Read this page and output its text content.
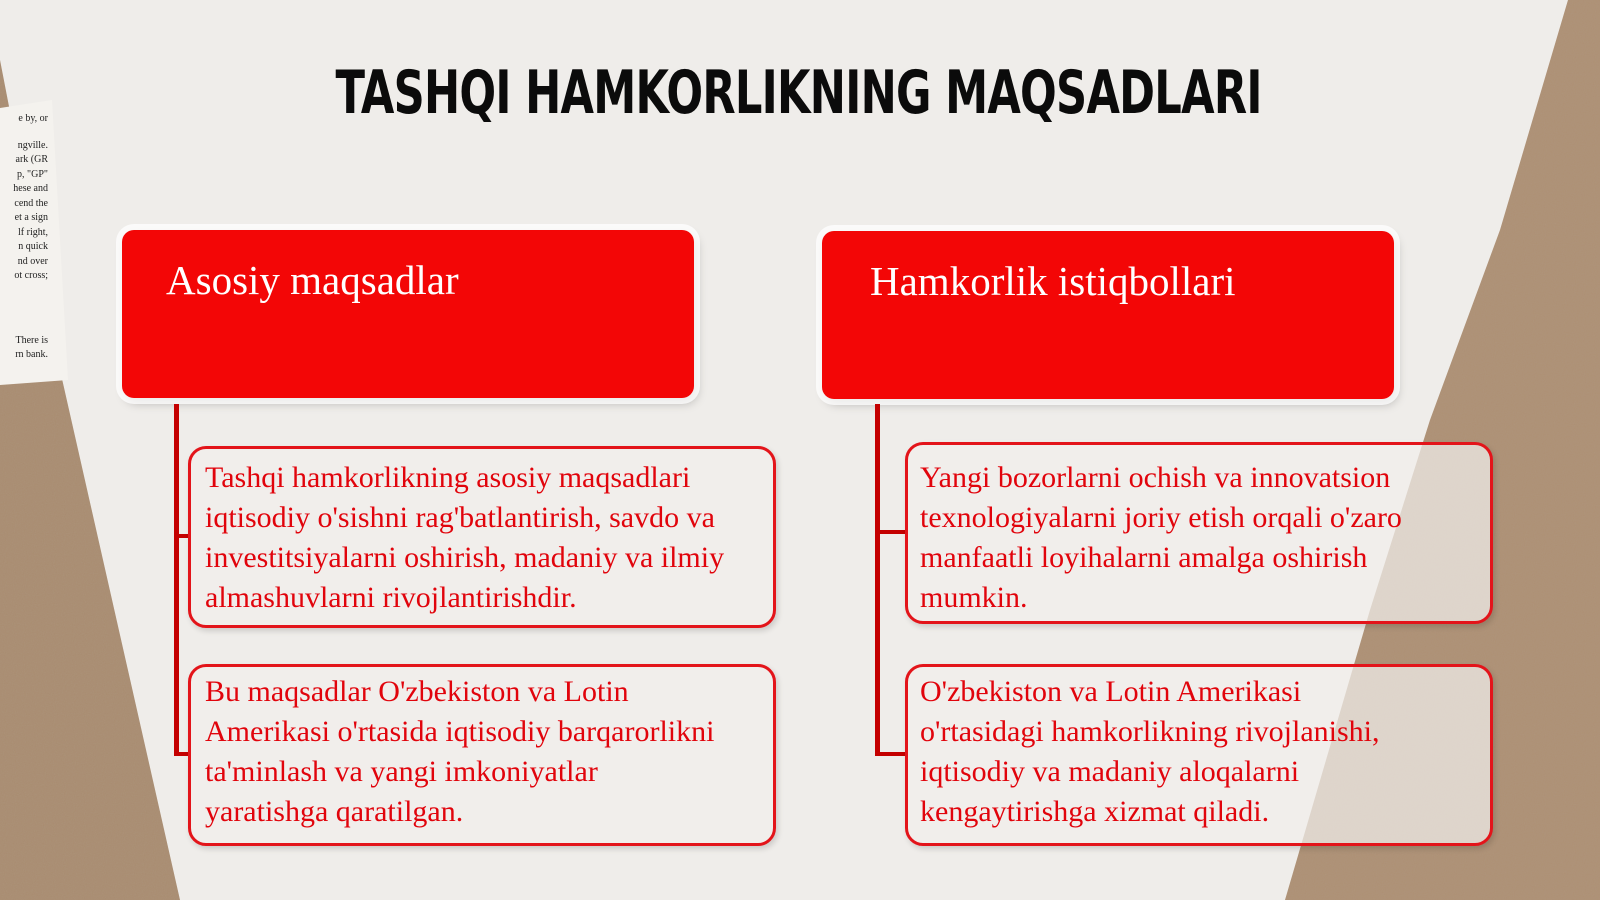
e by, or
ngville.
ark (GR
p, "GP"
hese and
cend the
et a sign
lf right,
n quick
nd over
ot cross;
There is
rn bank.
TASHQI HAMKORLIKNING MAQSADLARI
Asosiy maqsadlar
Tashqi hamkorlikning asosiy maqsadlari iqtisodiy o'sishni rag'batlantirish, savdo va investitsiyalarni oshirish, madaniy va ilmiy almashuvlarni rivojlantirishdir.
Bu maqsadlar O'zbekiston va Lotin Amerikasi o'rtasida iqtisodiy barqarorlikni ta'minlash va yangi imkoniyatlar yaratishga qaratilgan.
Hamkorlik istiqbollari
Yangi bozorlarni ochish va innovatsion texnologiyalarni joriy etish orqali o'zaro manfaatli loyihalarni amalga oshirish mumkin.
O'zbekiston va Lotin Amerikasi o'rtasidagi hamkorlikning rivojlanishi, iqtisodiy va madaniy aloqalarni kengaytirishga xizmat qiladi.
